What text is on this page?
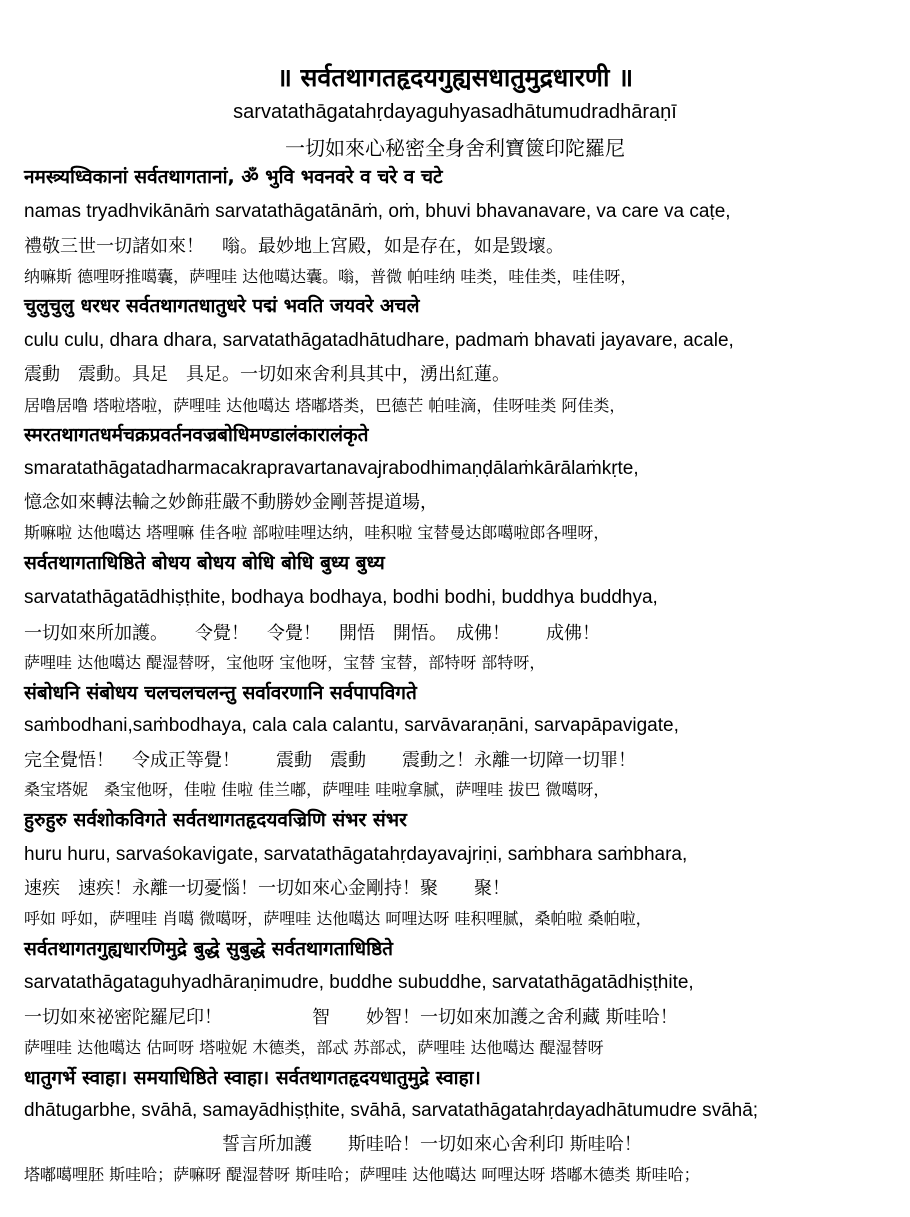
॥ सर्वतथागतहृदयगुह्यसधातुमुद्रधारणी ॥
sarvatathāgatahṛdayaguhyasadhātumudradhāraṇī
一切如來心秘密全身舍利寶篋印陀羅尼
नमस्त्र्यध्विकानां सर्वतथागतानां, ॐ भुवि भवनवरे व चरे व चटे
namas tryadhvikānāṁ sarvatathāgatānāṁ, oṁ, bhuvi bhavanavare, va care va caṭe,
禮敬三世一切諸如來！　嗡。最妙地上宮殿，如是存在，如是毀壞。
纳嘛斯 德哩呀推噶囊，萨哩哇 达他噶达囊。嗡，普微 帕哇纳 哇类，哇佳类，哇佳呀，
चुलुचुलु धरधर सर्वतथागतधातुधरे पद्मं भवति जयवरे अचले
culu culu, dhara dhara, sarvatathāgatadhātudhare, padmaṁ bhavati jayavare, acale,
震動　震動。具足　具足。一切如來舍利具其中，湧出紅蓮。
居噜居噜 塔啦塔啦，萨哩哇 达他噶达 塔嘟塔类，巴德芒 帕哇滴，佳呀哇类 阿佳类，
स्मरतथागतधर्मचक्रप्रवर्तनवज्रबोधिमण्डालंकारालंकृते
smaratathāgatadharmacakrapravartanavajrabodhimaṇḍālaṁkārālaṁkṛte,
憶念如來轉法輪之妙飾莊嚴不動勝妙金剛菩提道場，
斯嘛啦 达他噶达 塔哩嘛 佳各啦 部啦哇哩达纳，哇积啦 宝替曼达郎噶啦郎各哩呀，
सर्वतथागताधिष्ठिते बोधय बोधय बोधि बोधि बुध्य बुध्य
sarvatathāgatādhiṣṭhite, bodhaya bodhaya, bodhi bodhi, buddhya buddhya,
一切如來所加護。　　令覺！　令覺！　開悟　開悟。　成佛！　　成佛！
萨哩哇 达他噶达 醍湿替呀，宝他呀 宝他呀，宝替 宝替，部特呀 部特呀，
संबोधनि संबोधय चलचलचलन्तु सर्वावरणानि सर्वपापविगते
saṁbodhani,saṁbodhaya, cala cala calantu, sarvāvaraṇāni, sarvapāpavigate,
完全覺悟！　令成正等覺！　　震動　震動　　震動之！永離一切障一切罪！
桑宝塔妮　桑宝他呀，佳啦 佳啦 佳兰嘟，萨哩哇 哇啦拿腻，萨哩哇 拔巴 微噶呀，
हुरुहुरु सर्वशोकविगते सर्वतथागतहृदयवज्रिणि संभर संभर
huru huru, sarvaśokavigate, sarvatathāgatahṛdayavajriṇi, saṁbhara saṁbhara,
速疾　速疾！永離一切憂惱！一切如來心金剛持！聚　　聚！
呼如 呼如，萨哩哇 肖噶 微噶呀，萨哩哇 达他噶达 呵哩达呀 哇积哩腻，桑帕啦 桑帕啦，
सर्वतथागतगुह्यधारणिमुद्रे बुद्धे सुबुद्धे सर्वतथागताधिष्ठिते
sarvatathāgataguhyadhāraṇimudre, buddhe subuddhe, sarvatathāgatādhiṣṭhite,
一切如來祕密陀羅尼印！　　　　　智　　妙智！一切如來加護之舍利藏 斯哇哈！
萨哩哇 达他噶达 估呵呀 塔啦妮 木德类，部忒 苏部忒，萨哩哇 达他噶达 醍湿替呀
धातुगर्भे स्वाहा। समयाधिष्ठिते स्वाहा। सर्वतथागतहृदयधातुमुद्रे स्वाहा।
dhātugarbhe, svāhā, samayādhiṣṭhite, svāhā, sarvatathāgatahṛdayadhātumudre svāhā;
　　　　　　　　　　　誓言所加護　　斯哇哈！一切如來心舍利印 斯哇哈！
塔嘟噶哩胚 斯哇哈；萨嘛呀 醍湿替呀 斯哇哈；萨哩哇 达他噶达 呵哩达呀 塔嘟木德类 斯哇哈；
